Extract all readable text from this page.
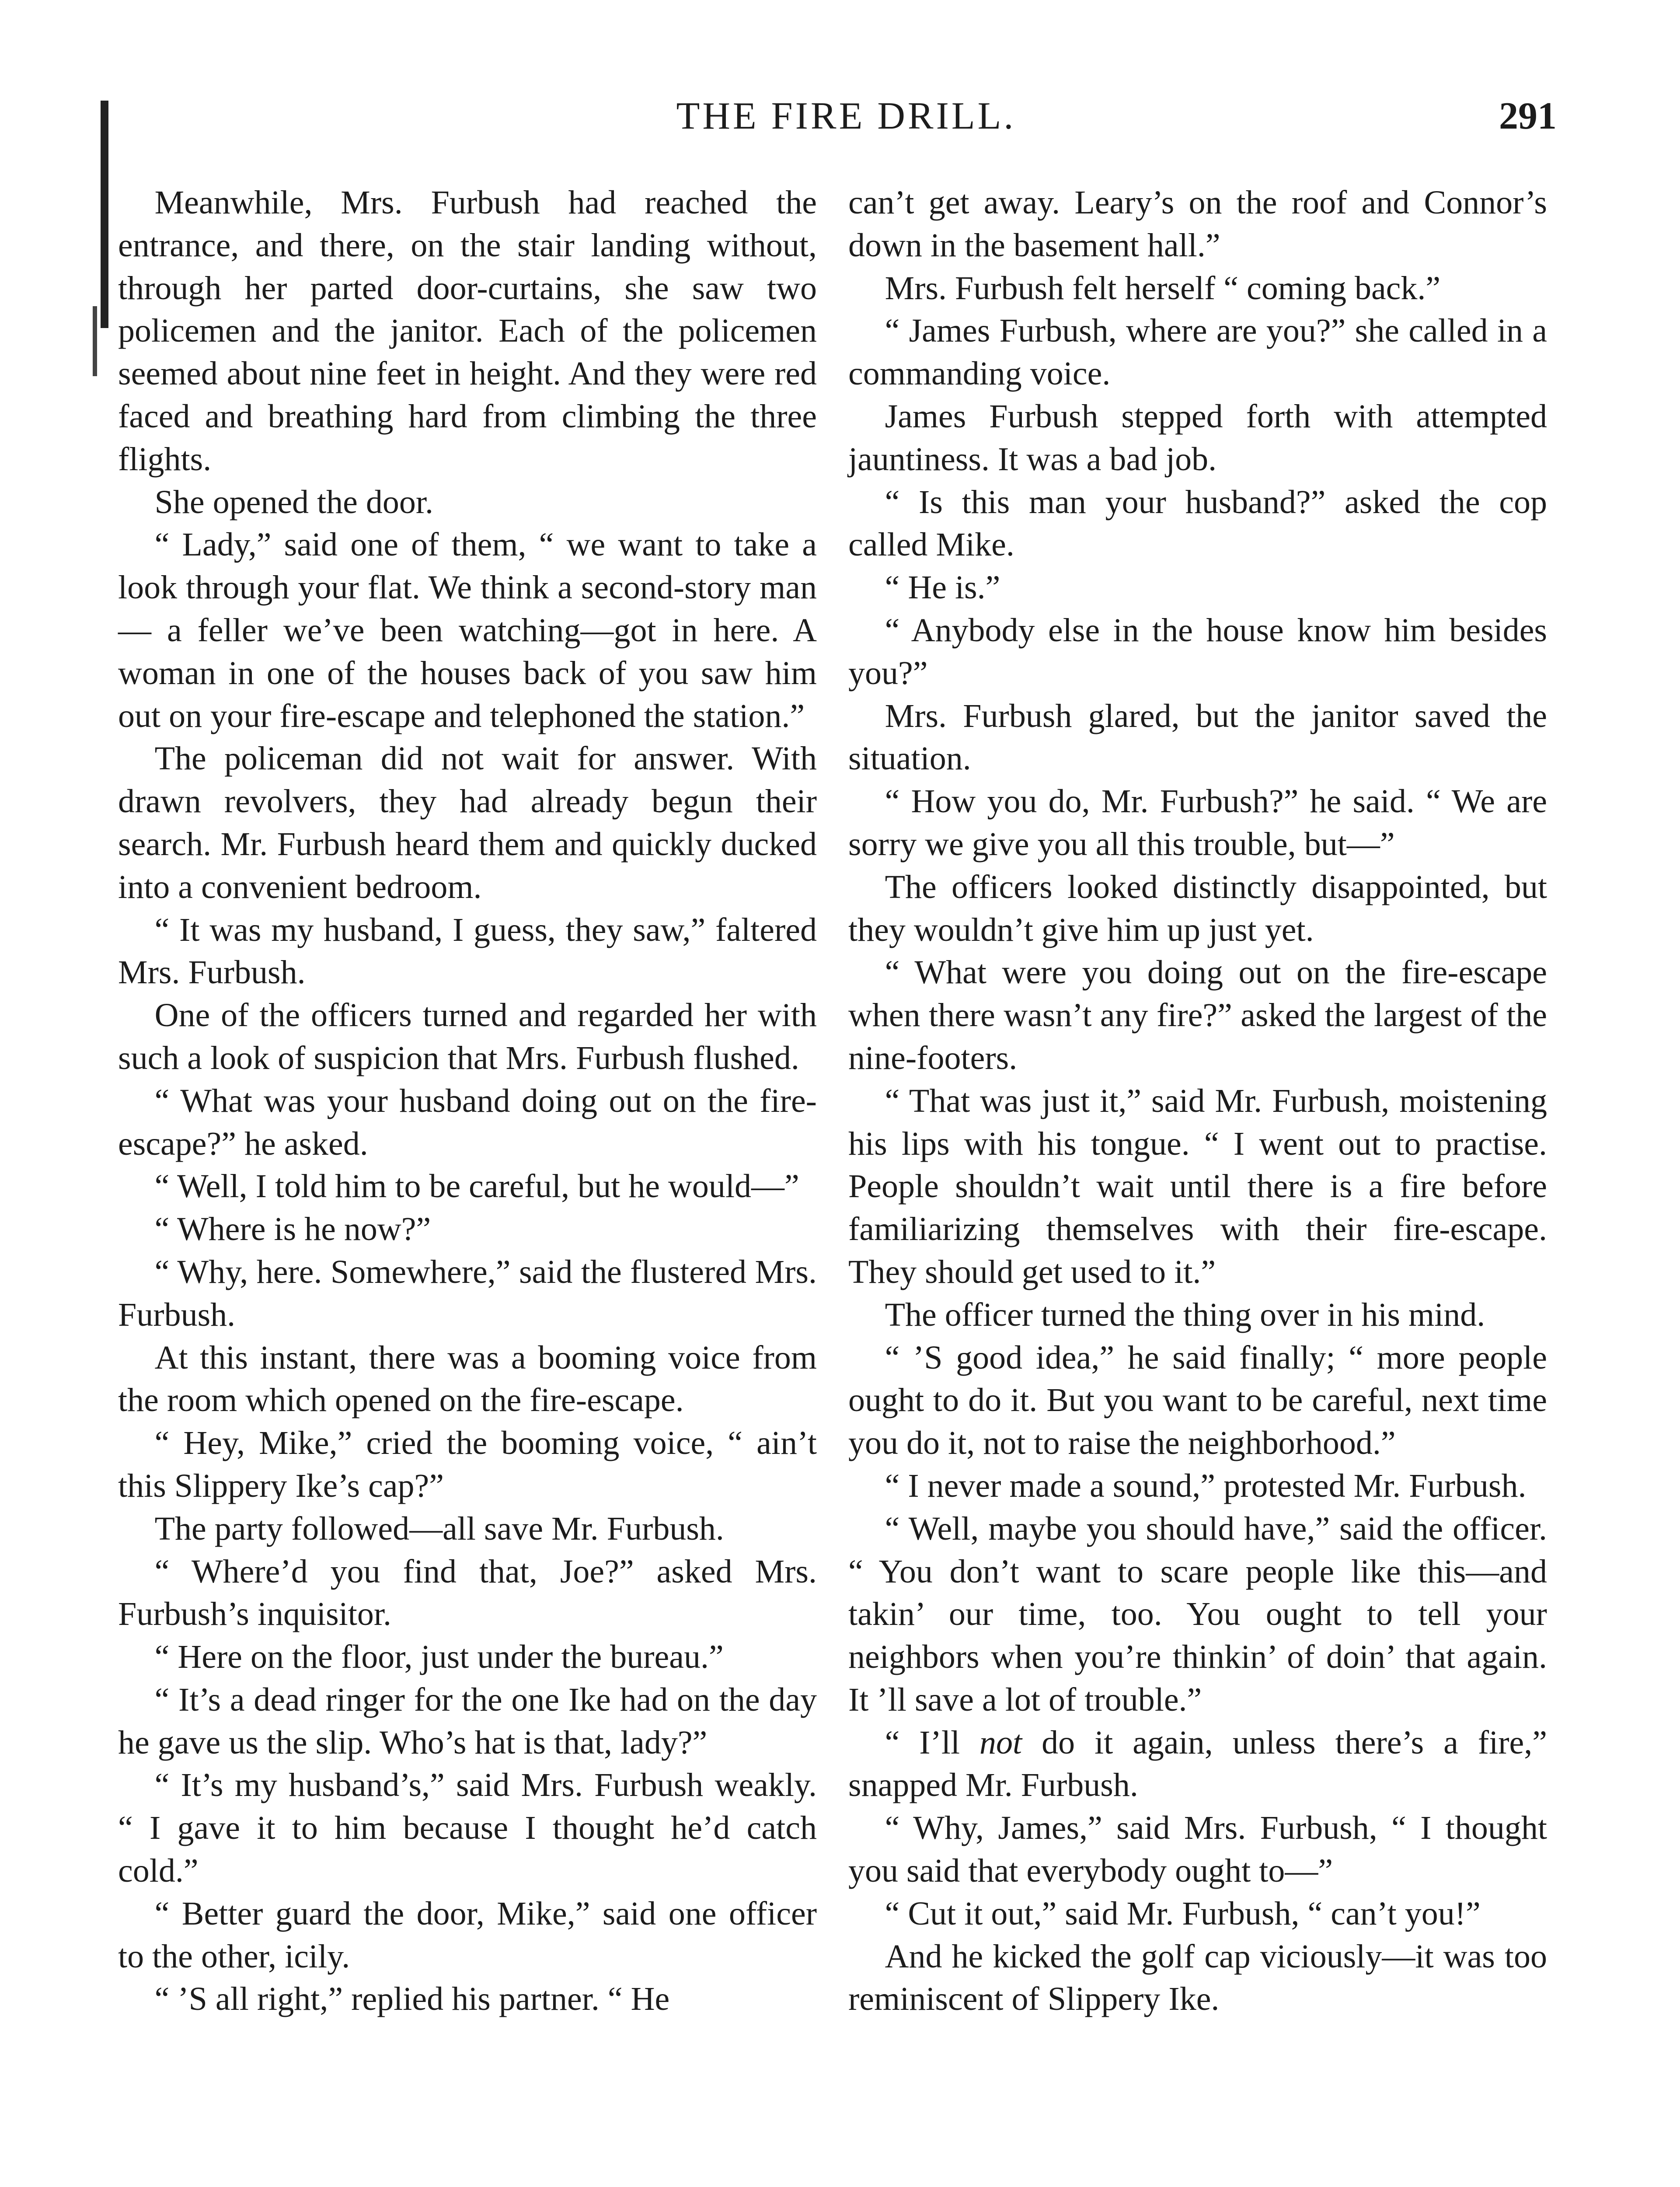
THE FIRE DRILL.	291

Meanwhile, Mrs. Furbush had reached the entrance, and there, on the stair landing without, through her parted door-curtains, she saw two policemen and the janitor. Each of the policemen seemed about nine feet in height. And they were red faced and breathing hard from climbing the three flights.

She opened the door.

“ Lady,” said one of them, “ we want to take a look through your flat. We think a second-story man — a feller we’ve been watching—got in here. A woman in one of the houses back of you saw him out on your fire-escape and telephoned the station.”

The policeman did not wait for answer. With drawn revolvers, they had already begun their search. Mr. Furbush heard them and quickly ducked into a convenient bedroom.

“ It was my husband, I guess, they saw,” faltered Mrs. Furbush.

One of the officers turned and regarded her with such a look of suspicion that Mrs. Furbush flushed.

“ What was your husband doing out on the fire-escape?” he asked.

“ Well, I told him to be careful, but he would—”

“ Where is he now?”

“ Why, here. Somewhere,” said the flustered Mrs. Furbush.

At this instant, there was a booming voice from the room which opened on the fire-escape.

“ Hey, Mike,” cried the booming voice, “ ain’t this Slippery Ike’s cap?”

The party followed—all save Mr. Furbush.

“ Where’d you find that, Joe?” asked Mrs. Furbush’s inquisitor.

“ Here on the floor, just under the bureau.”

“ It’s a dead ringer for the one Ike had on the day he gave us the slip. Who’s hat is that, lady?”

“ It’s my husband’s,” said Mrs. Furbush weakly. “ I gave it to him because I thought he’d catch cold.”

“ Better guard the door, Mike,” said one officer to the other, icily.

“ ’S all right,” replied his partner. “ He

can’t get away. Leary’s on the roof and Connor’s down in the basement hall.”

Mrs. Furbush felt herself “ coming back.”

“ James Furbush, where are you?” she called in a commanding voice.

James Furbush stepped forth with attempted jauntiness. It was a bad job.

“ Is this man your husband?” asked the cop called Mike.

“ He is.”

“ Anybody else in the house know him besides you?”

Mrs. Furbush glared, but the janitor saved the situation.

“ How you do, Mr. Furbush?” he said. “ We are sorry we give you all this trouble, but—”

The officers looked distinctly disappointed, but they wouldn’t give him up just yet.

“ What were you doing out on the fire-escape when there wasn’t any fire?” asked the largest of the nine-footers.

“ That was just it,” said Mr. Furbush, moistening his lips with his tongue. “ I went out to practise. People shouldn’t wait until there is a fire before familiarizing themselves with their fire-escape. They should get used to it.”

The officer turned the thing over in his mind.

“ ’S good idea,” he said finally; “ more people ought to do it. But you want to be careful, next time you do it, not to raise the neighborhood.”

“ I never made a sound,” protested Mr. Furbush.

“ Well, maybe you should have,” said the officer. “ You don’t want to scare people like this—and takin’ our time, too. You ought to tell your neighbors when you’re thinkin’ of doin’ that again. It ’ll save a lot of trouble.”

“ I’ll not do it again, unless there’s a fire,” snapped Mr. Furbush.

“ Why, James,” said Mrs. Furbush, “ I thought you said that everybody ought to—”

“ Cut it out,” said Mr. Furbush, “ can’t you!”

And he kicked the golf cap viciously—it was too reminiscent of Slippery Ike.
